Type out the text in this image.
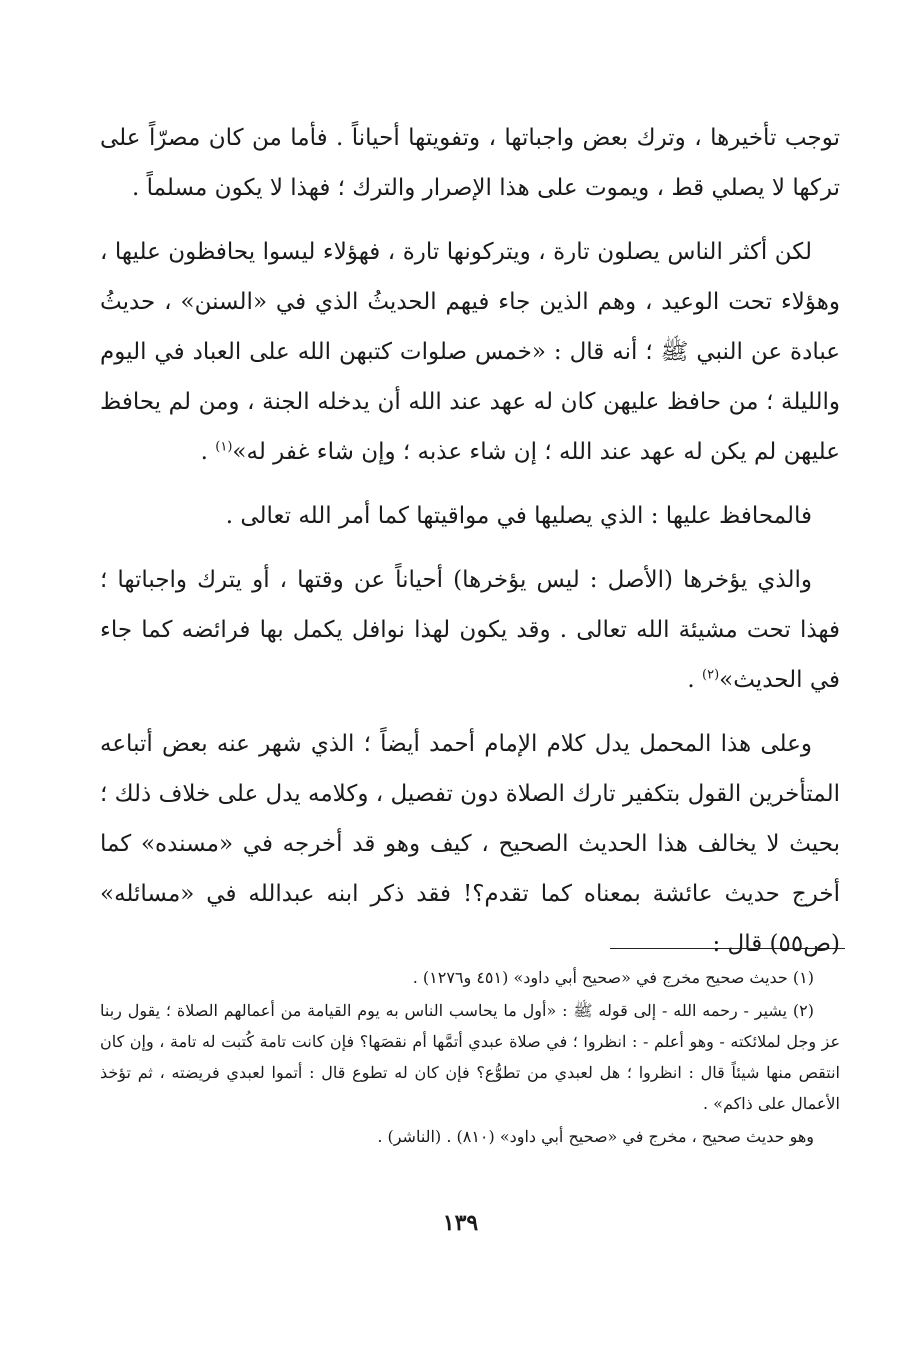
توجب تأخيرها ، وترك بعض واجباتها ، وتفويتها أحياناً . فأما من كان مصرّاً على تركها لا يصلي قط ، ويموت على هذا الإصرار والترك ؛ فهذا لا يكون مسلماً .

لكن أكثر الناس يصلون تارة ، ويتركونها تارة ، فهؤلاء ليسوا يحافظون عليها ، وهؤلاء تحت الوعيد ، وهم الذين جاء فيهم الحديثُ الذي في «السنن» ، حديثُ عبادة عن النبي ﷺ ؛ أنه قال : «خمس صلوات كتبهن الله على العباد في اليوم والليلة ؛ من حافظ عليهن كان له عهد عند الله أن يدخله الجنة ، ومن لم يحافظ عليهن لم يكن له عهد عند الله ؛ إن شاء عذبه ؛ وإن شاء غفر له»$^{(١)}$ .

فالمحافظ عليها : الذي يصليها في مواقيتها كما أمر الله تعالى .

والذي يؤخرها (الأصل : ليس يؤخرها) أحياناً عن وقتها ، أو يترك واجباتها ؛ فهذا تحت مشيئة الله تعالى . وقد يكون لهذا نوافل يكمل بها فرائضه كما جاء في الحديث»$^{(٢)}$ .

وعلى هذا المحمل يدل كلام الإمام أحمد أيضاً ؛ الذي شهر عنه بعض أتباعه المتأخرين القول بتكفير تارك الصلاة دون تفصيل ، وكلامه يدل على خلاف ذلك ؛ بحيث لا يخالف هذا الحديث الصحيح ، كيف وهو قد أخرجه في «مسنده» كما أخرج حديث عائشة بمعناه كما تقدم؟! فقد ذكر ابنه عبدالله في «مسائله» (ص٥٥) قال :

(١) حديث صحيح مخرج في «صحيح أبي داود» (٤٥١ و١٢٧٦) .

(٢) يشير - رحمه الله - إلى قوله ﷺ : «أول ما يحاسب الناس به يوم القيامة من أعمالهم الصلاة ؛ يقول ربنا عز وجل لملائكته - وهو أعلم - : انظروا ؛ في صلاة عبدي أتمَّها أم نقصَها؟ فإن كانت تامة كُتبت له تامة ، وإن كان انتقص منها شيئاً قال : انظروا ؛ هل لعبدي من تطوُّع؟ فإن كان له تطوع قال : أتموا لعبدي فريضته ، ثم تؤخذ الأعمال على ذاكم» .

وهو حديث صحيح ، مخرج في «صحيح أبي داود» (٨١٠) . (الناشر) .

١٣٩
